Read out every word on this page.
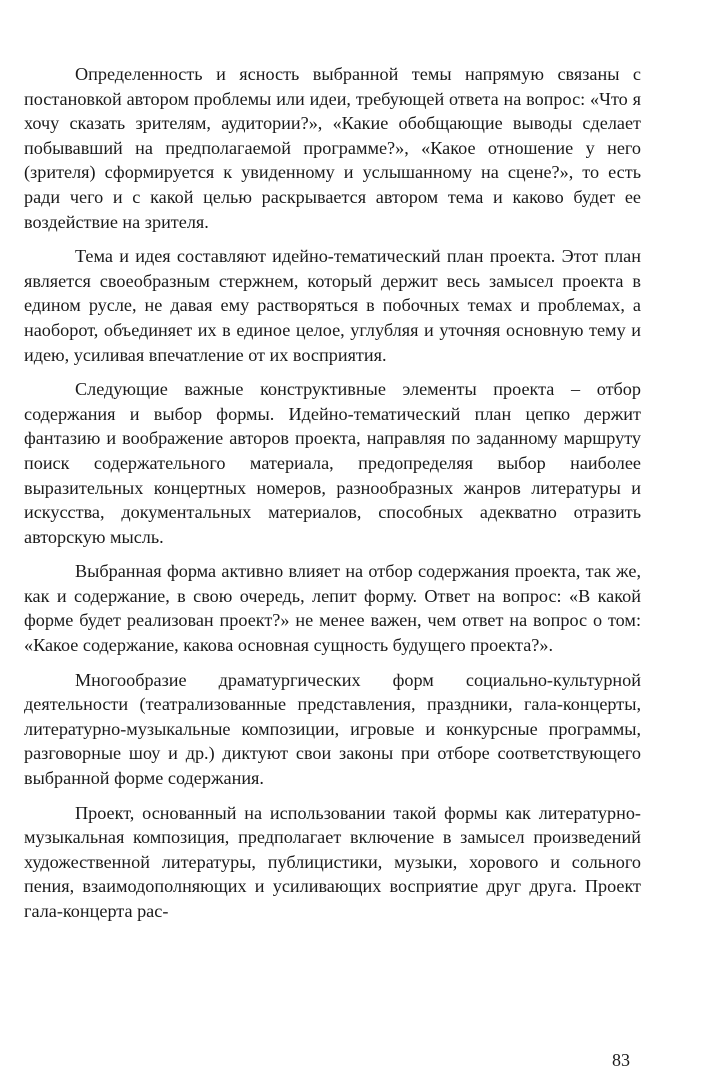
Определенность и ясность выбранной темы напрямую связаны с постановкой автором проблемы или идеи, требующей ответа на вопрос: «Что я хочу сказать зрителям, аудитории?», «Какие обобщающие выводы сделает побывавший на предполагаемой программе?», «Какое отношение у него (зрителя) сформируется к увиденному и услышанному на сцене?», то есть ради чего и с какой целью раскрывается автором тема и каково будет ее воздействие на зрителя.

Тема и идея составляют идейно-тематический план проекта. Этот план является своеобразным стержнем, который держит весь замысел проекта в едином русле, не давая ему растворяться в побочных темах и проблемах, а наоборот, объединяет их в единое целое, углубляя и уточняя основную тему и идею, усиливая впечатление от их восприятия.

Следующие важные конструктивные элементы проекта – отбор содержания и выбор формы. Идейно-тематический план цепко держит фантазию и воображение авторов проекта, направляя по заданному маршруту поиск содержательного материала, предопределяя выбор наиболее выразительных концертных номеров, разнообразных жанров литературы и искусства, документальных материалов, способных адекватно отразить авторскую мысль.

Выбранная форма активно влияет на отбор содержания проекта, так же, как и содержание, в свою очередь, лепит форму. Ответ на вопрос: «В какой форме будет реализован проект?» не менее важен, чем ответ на вопрос о том: «Какое содержание, какова основная сущность будущего проекта?».

Многообразие драматургических форм социально-культурной деятельности (театрализованные представления, праздники, гала-концерты, литературно-музыкальные композиции, игровые и конкурсные программы, разговорные шоу и др.) диктуют свои законы при отборе соответствующего выбранной форме содержания.

Проект, основанный на использовании такой формы как литературно-музыкальная композиция, предполагает включение в замысел произведений художественной литературы, публицистики, музыки, хорового и сольного пения, взаимодополняющих и усиливающих восприятие друг друга. Проект гала-концерта рас-

83
